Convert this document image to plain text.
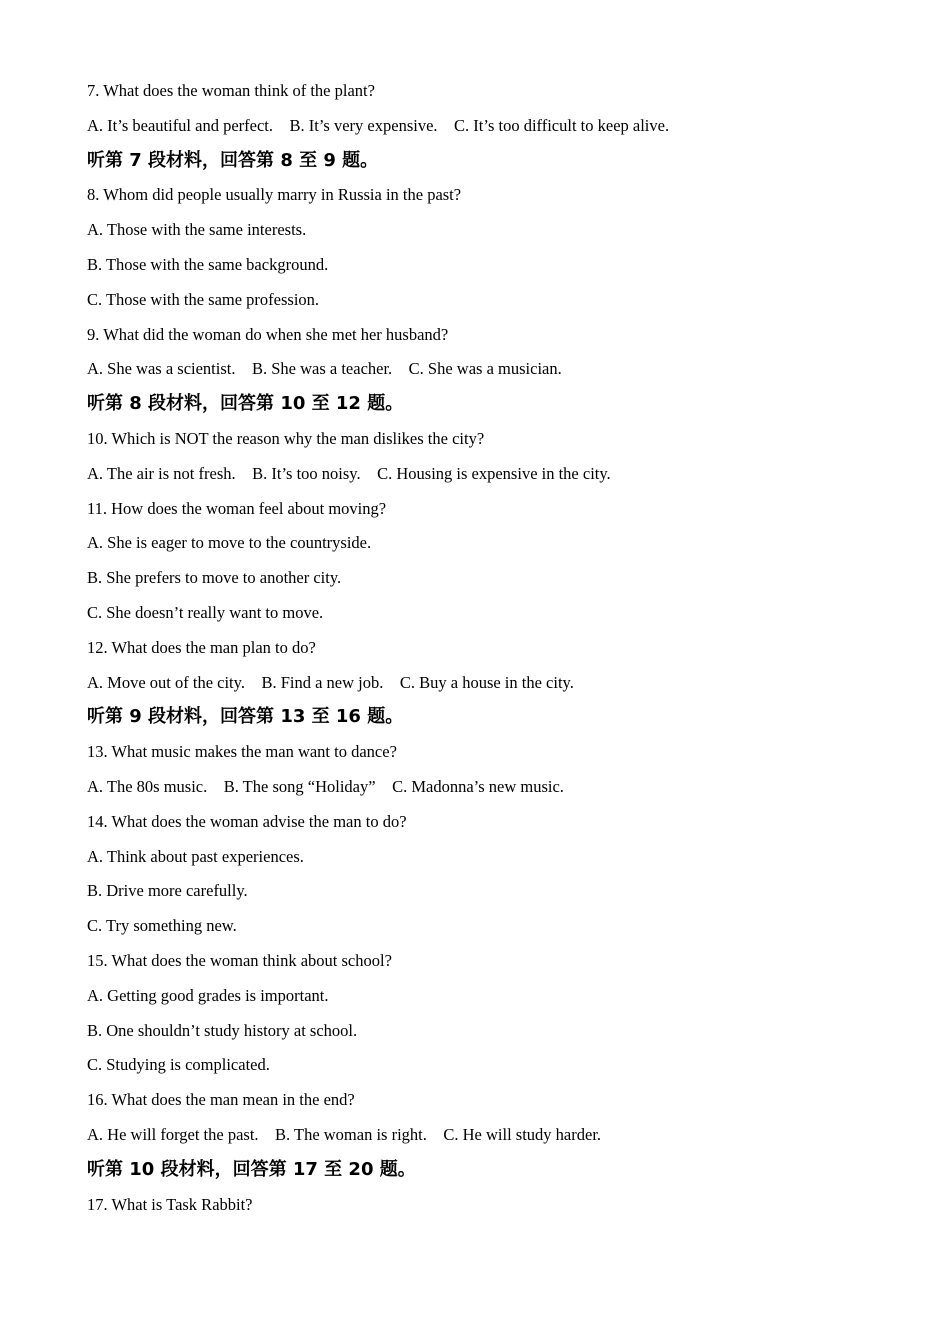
7. What does the woman think of the plant?
A. It’s beautiful and perfect.    B. It’s very expensive.    C. It’s too difficult to keep alive.
听第 7 段材料，回答第 8 至 9 题。
8. Whom did people usually marry in Russia in the past?
A. Those with the same interests.
B. Those with the same background.
C. Those with the same profession.
9. What did the woman do when she met her husband?
A. She was a scientist.    B. She was a teacher.    C. She was a musician.
听第 8 段材料，回答第 10 至 12 题。
10. Which is NOT the reason why the man dislikes the city?
A. The air is not fresh.    B. It’s too noisy.    C. Housing is expensive in the city.
11. How does the woman feel about moving?
A. She is eager to move to the countryside.
B. She prefers to move to another city.
C. She doesn’t really want to move.
12. What does the man plan to do?
A. Move out of the city.    B. Find a new job.    C. Buy a house in the city.
听第 9 段材料，回答第 13 至 16 题。
13. What music makes the man want to dance?
A. The 80s music.    B. The song “Holiday”    C. Madonna’s new music.
14. What does the woman advise the man to do?
A. Think about past experiences.
B. Drive more carefully.
C. Try something new.
15. What does the woman think about school?
A. Getting good grades is important.
B. One shouldn’t study history at school.
C. Studying is complicated.
16. What does the man mean in the end?
A. He will forget the past.    B. The woman is right.    C. He will study harder.
听第 10 段材料，回答第 17 至 20 题。
17. What is Task Rabbit?
